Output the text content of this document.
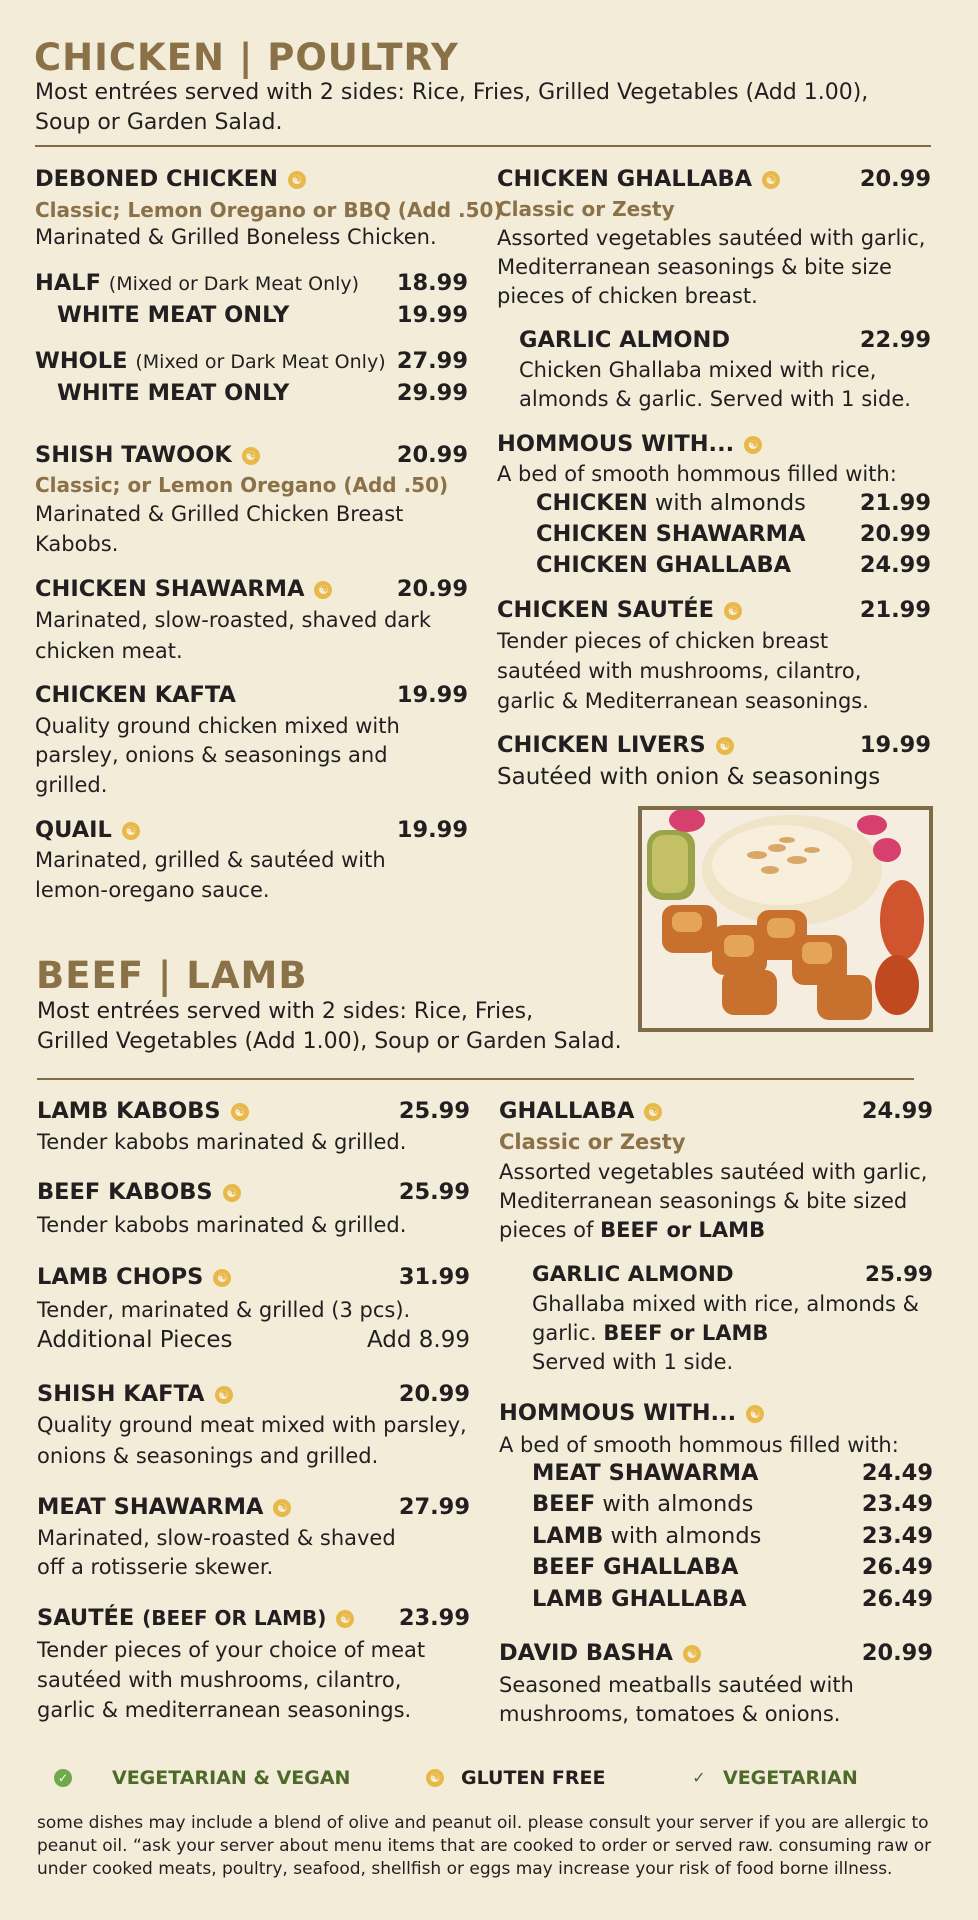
CHICKEN | POULTRY
Most entrées served with 2 sides: Rice, Fries, Grilled Vegetables (Add 1.00),
Soup or Garden Salad.
DEBONED CHICKEN ☯
Classic; Lemon Oregano or BBQ (Add .50)
Marinated & Grilled Boneless Chicken.
HALF (Mixed or Dark Meat Only)	18.99
WHITE MEAT ONLY	19.99
WHOLE (Mixed or Dark Meat Only) 27.99
WHITE MEAT ONLY	29.99
SHISH TAWOOK ☯	20.99
Classic; or Lemon Oregano (Add .50)
Marinated & Grilled Chicken Breast
Kabobs.
CHICKEN SHAWARMA ☯	20.99
Marinated, slow-roasted, shaved dark
chicken meat.
CHICKEN KAFTA	19.99
Quality ground chicken mixed with
parsley, onions & seasonings and
grilled.
QUAIL ☯	19.99
Marinated, grilled & sautéed with
lemon-oregano sauce.
CHICKEN GHALLABA ☯	20.99
Classic or Zesty
Assorted vegetables sautéed with garlic,
Mediterranean seasonings & bite size
pieces of chicken breast.
GARLIC ALMOND	22.99
Chicken Ghallaba mixed with rice,
almonds & garlic. Served with 1 side.
HOMMOUS WITH... ☯
A bed of smooth hommous filled with:
CHICKEN with almonds	21.99
CHICKEN SHAWARMA	20.99
CHICKEN GHALLABA	24.99
CHICKEN SAUTÉE ☯	21.99
Tender pieces of chicken breast
sautéed with mushrooms, cilantro,
garlic & Mediterranean seasonings.
CHICKEN LIVERS ☯	19.99
Sautéed with onion & seasonings
BEEF | LAMB
Most entrées served with 2 sides: Rice, Fries,
Grilled Vegetables (Add 1.00), Soup or Garden Salad.
LAMB KABOBS ☯	25.99
Tender kabobs marinated & grilled.
BEEF KABOBS ☯	25.99
Tender kabobs marinated & grilled.
LAMB CHOPS ☯	31.99
Tender, marinated & grilled (3 pcs).
Additional Pieces	Add 8.99
SHISH KAFTA ☯	20.99
Quality ground meat mixed with parsley,
onions & seasonings and grilled.
MEAT SHAWARMA ☯	27.99
Marinated, slow-roasted & shaved
off a rotisserie skewer.
SAUTÉE (BEEF OR LAMB) ☯	23.99
Tender pieces of your choice of meat
sautéed with mushrooms, cilantro,
garlic & mediterranean seasonings.
GHALLABA ☯	24.99
Classic or Zesty
Assorted vegetables sautéed with garlic,
Mediterranean seasonings & bite sized
pieces of BEEF or LAMB
GARLIC ALMOND	25.99
Ghallaba mixed with rice, almonds &
garlic. BEEF or LAMB
Served with 1 side.
HOMMOUS WITH... ☯
A bed of smooth hommous filled with:
MEAT SHAWARMA	24.49
BEEF with almonds	23.49
LAMB with almonds	23.49
BEEF GHALLABA	26.49
LAMB GHALLABA	26.49
DAVID BASHA ☯	20.99
Seasoned meatballs sautéed with
mushrooms, tomatoes & onions.
✓ VEGETARIAN & VEGAN	☯ GLUTEN FREE	✓ VEGETARIAN
some dishes may include a blend of olive and peanut oil. please consult your server if you are allergic to
peanut oil. “ask your server about menu items that are cooked to order or served raw. consuming raw or
under cooked meats, poultry, seafood, shellfish or eggs may increase your risk of food borne illness.
